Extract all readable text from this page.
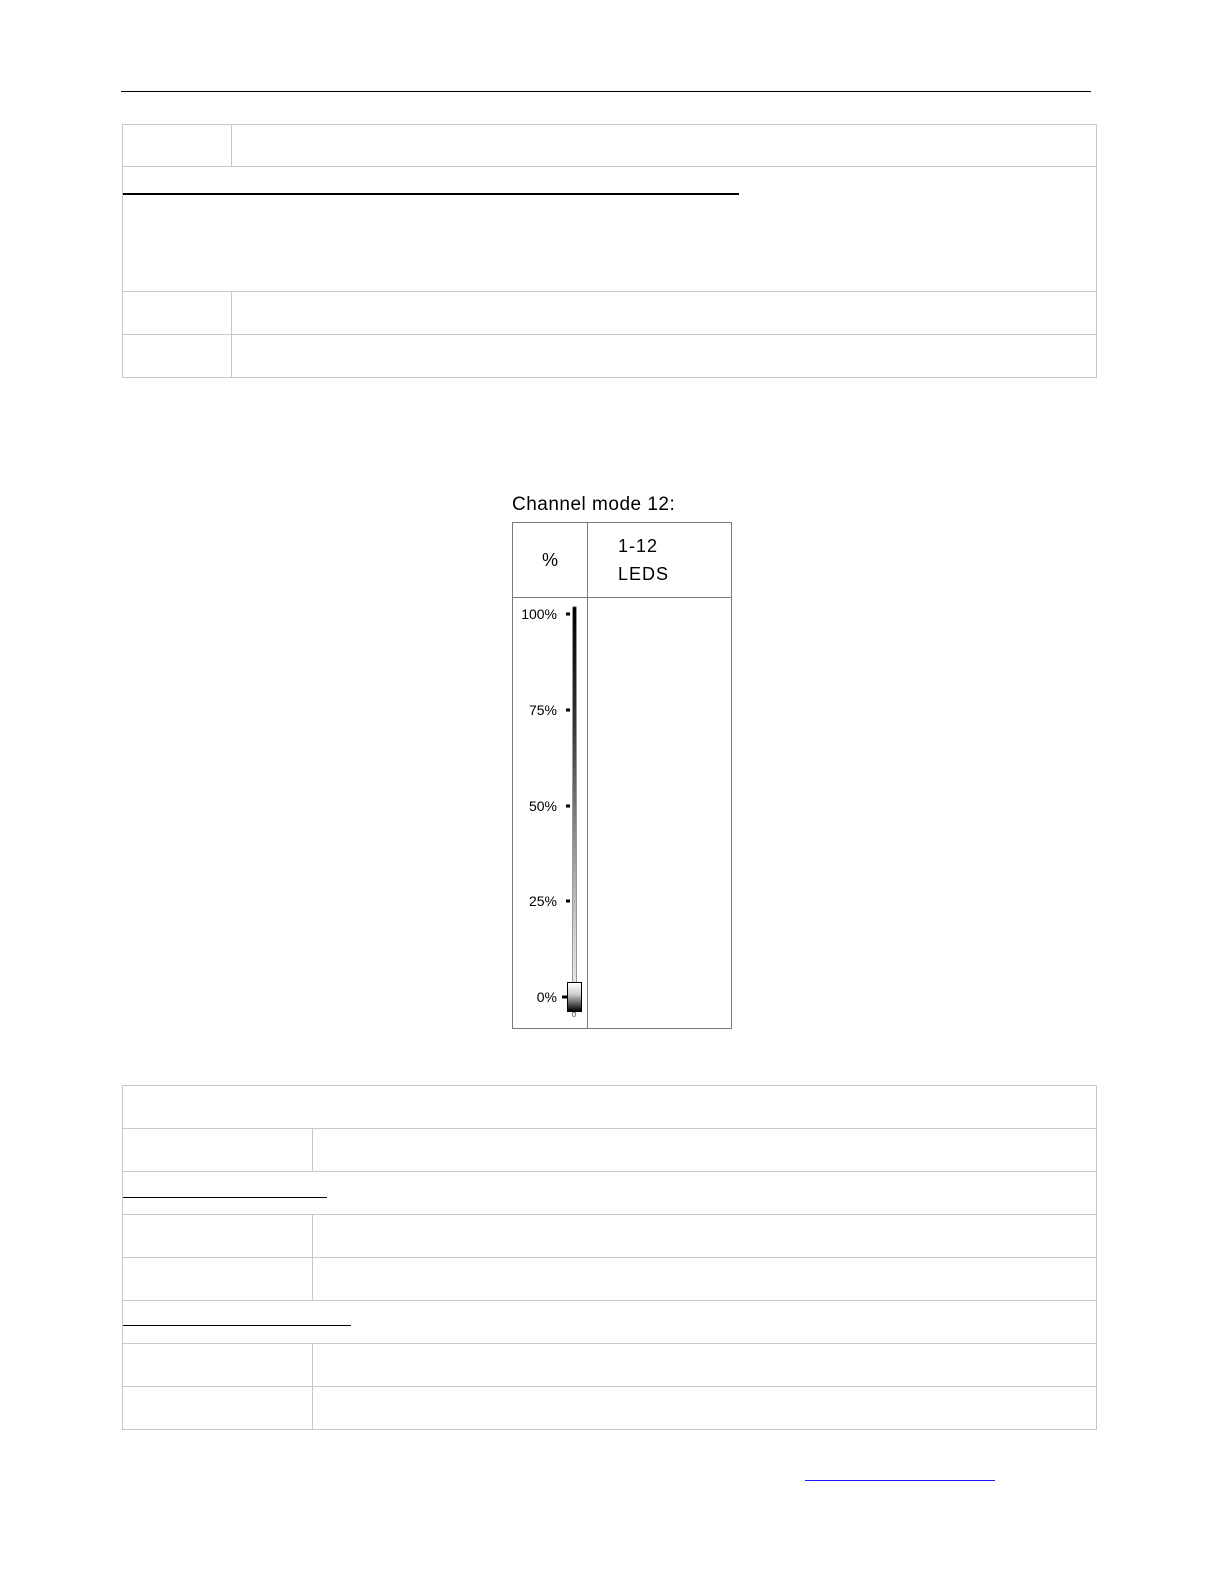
Channel mode 12:
%	1-12
LEDS

100%
75%
50%
25%
0%	
